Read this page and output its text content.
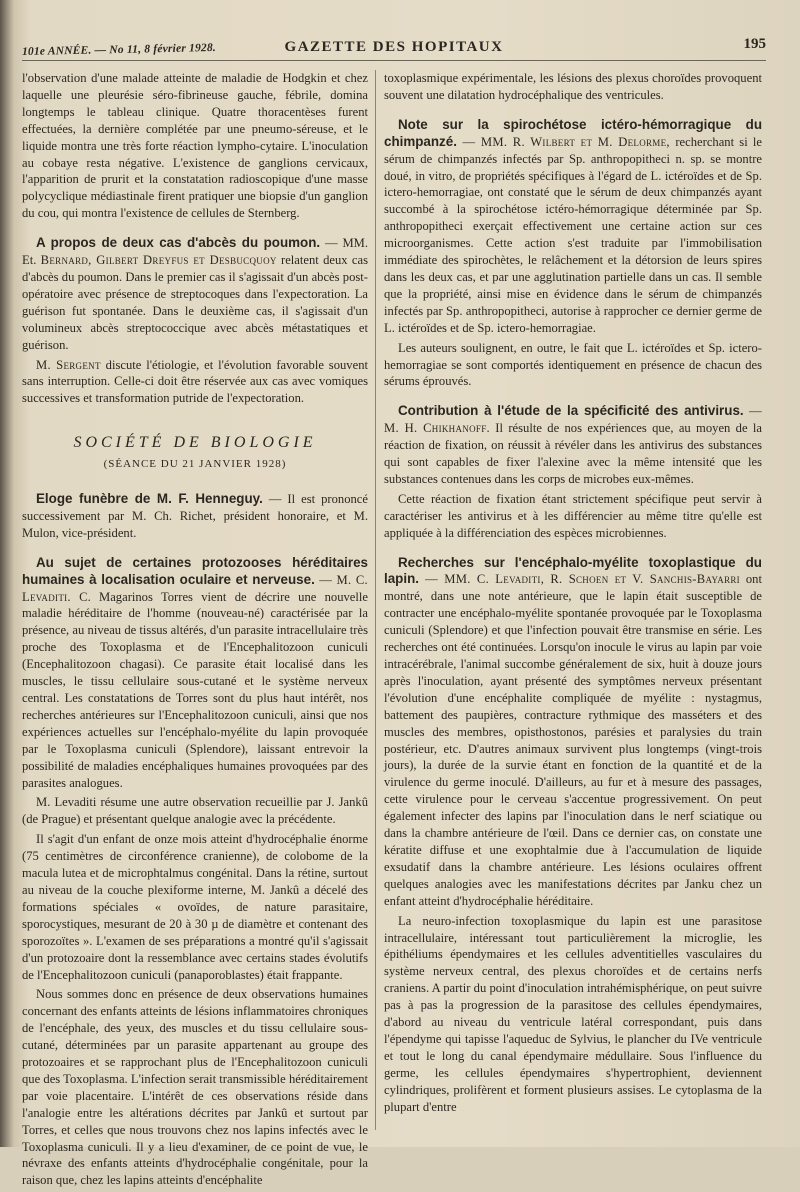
101e ANNÉE. — No 11, 8 février 1928.	GAZETTE DES HOPITAUX	195

l'observation d'une malade atteinte de maladie de Hodgkin et chez laquelle une pleurésie séro-fibrineuse gauche, fébrile, domina longtemps le tableau clinique. Quatre thoracentèses furent effectuées, la dernière complétée par une pneumo-séreuse, et le liquide montra une très forte réaction lympho-cytaire. L'inoculation au cobaye resta négative. L'existence de ganglions cervicaux, l'apparition de prurit et la constatation radioscopique d'une masse polycyclique médiastinale firent pratiquer une biopsie d'un ganglion du cou, qui montra l'existence de cellules de Sternberg.

A propos de deux cas d'abcès du poumon. — MM. Et. Bernard, Gilbert Dreyfus et Desbucquoy relatent deux cas d'abcès du poumon. Dans le premier cas il s'agissait d'un abcès post-opératoire avec présence de streptocoques dans l'expectoration. La guérison fut spontanée. Dans le deuxième cas, il s'agissait d'un volumineux abcès streptococcique avec abcès métastatiques et guérison.

M. Sergent discute l'étiologie, et l'évolution favorable souvent sans interruption. Celle-ci doit être réservée aux cas avec vomiques successives et transformation putride de l'expectoration.

SOCIÉTÉ DE BIOLOGIE
(SÉANCE DU 21 JANVIER 1928)

Eloge funèbre de M. F. Henneguy. — Il est prononcé successivement par M. Ch. Richet, président honoraire, et M. Mulon, vice-président.

Au sujet de certaines protozooses héréditaires humaines à localisation oculaire et nerveuse. — M. C. Levaditi. C. Magarinos Torres vient de décrire une nouvelle maladie héréditaire de l'homme (nouveau-né) caractérisée par la présence, au niveau de tissus altérés, d'un parasite intracellulaire très proche des Toxoplasma et de l'Encephalitozoon cuniculi (Encephalitozoon chagasi). Ce parasite était localisé dans les muscles, le tissu cellulaire sous-cutané et le système nerveux central. Les constatations de Torres sont du plus haut intérêt, nos recherches antérieures sur l'Encephalitozoon cuniculi, ainsi que nos expériences actuelles sur l'encéphalo-myélite du lapin provoquée par le Toxoplasma cuniculi (Splendore), laissant entrevoir la possibilité de maladies encéphaliques humaines provoquées par des parasites analogues.

M. Levaditi résume une autre observation recueillie par J. Jankû (de Prague) et présentant quelque analogie avec la précédente.

Il s'agit d'un enfant de onze mois atteint d'hydrocéphalie énorme (75 centimètres de circonférence cranienne), de colobome de la macula lutea et de microphtalmus congénital. Dans la rétine, surtout au niveau de la couche plexiforme interne, M. Jankû a décelé des formations spéciales « ovoïdes, de nature parasitaire, sporocystiques, mesurant de 20 à 30 µ de diamètre et contenant des sporozoïtes ». L'examen de ses préparations a montré qu'il s'agissait d'un protozoaire dont la ressemblance avec certains stades évolutifs de l'Encephalitozoon cuniculi (panaporoblastes) était frappante.

Nous sommes donc en présence de deux observations humaines concernant des enfants atteints de lésions inflammatoires chroniques de l'encéphale, des yeux, des muscles et du tissu cellulaire sous-cutané, déterminées par un parasite appartenant au groupe des protozoaires et se rapprochant plus de l'Encephalitozoon cuniculi que des Toxoplasma. L'infection serait transmissible héréditairement par voie placentaire. L'intérêt de ces observations réside dans l'analogie entre les altérations décrites par Jankû et surtout par Torres, et celles que nous trouvons chez nos lapins infectés avec le Toxoplasma cuniculi. Il y a lieu d'examiner, de ce point de vue, le névraxe des enfants atteints d'hydrocéphalie congénitale, pour la raison que, chez les lapins atteints d'encéphalite

toxoplasmique expérimentale, les lésions des plexus choroïdes provoquent souvent une dilatation hydrocéphalique des ventricules.

Note sur la spirochétose ictéro-hémorragique du chimpanzé. — MM. R. Wilbert et M. Delorme, recherchant si le sérum de chimpanzés infectés par Sp. anthropopitheci n. sp. se montre doué, in vitro, de propriétés spécifiques à l'égard de L. ictéroïdes et de Sp. ictero-hemorragiae, ont constaté que le sérum de deux chimpanzés ayant succombé à la spirochétose ictéro-hémorragique déterminée par Sp. anthropopitheci exerçait effectivement une certaine action sur ces microorganismes. Cette action s'est traduite par l'immobilisation immédiate des spirochètes, le relâchement et la détorsion de leurs spires dans les deux cas, et par une agglutination partielle dans un cas. Il semble que la propriété, ainsi mise en évidence dans le sérum de chimpanzés infectés par Sp. anthropopitheci, autorise à rapprocher ce dernier germe de L. ictéroïdes et de Sp. ictero-hemorragiae.

Les auteurs soulignent, en outre, le fait que L. ictéroïdes et Sp. ictero-hemorragiae se sont comportés identiquement en présence de chacun des sérums éprouvés.

Contribution à l'étude de la spécificité des antivirus. — M. H. Chikhanoff. Il résulte de nos expériences que, au moyen de la réaction de fixation, on réussit à révéler dans les antivirus des substances qui sont capables de fixer l'alexine avec la même intensité que les substances contenues dans les corps de microbes eux-mêmes.

Cette réaction de fixation étant strictement spécifique peut servir à caractériser les antivirus et à les différencier au même titre qu'elle est appliquée à la différenciation des espèces microbiennes.

Recherches sur l'encéphalo-myélite toxoplastique du lapin. — MM. C. Levaditi, R. Schoen et V. Sanchis-Bayarri ont montré, dans une note antérieure, que le lapin était susceptible de contracter une encéphalo-myélite spontanée provoquée par le Toxoplasma cuniculi (Splendore) et que l'infection pouvait être transmise en série. Les recherches ont été continuées. Lorsqu'on inocule le virus au lapin par voie intracérébrale, l'animal succombe généralement de six, huit à douze jours après l'inoculation, ayant présenté des symptômes nerveux présentant l'évolution d'une encéphalite compliquée de myélite : nystagmus, battement des paupières, contracture rythmique des masséters et des muscles des membres, opisthostonos, parésies et paralysies du train postérieur, etc. D'autres animaux survivent plus longtemps (vingt-trois jours), la durée de la survie étant en fonction de la quantité et de la virulence du germe inoculé. D'ailleurs, au fur et à mesure des passages, cette virulence pour le cerveau s'accentue progressivement. On peut également infecter des lapins par l'inoculation dans le nerf sciatique ou dans la chambre antérieure de l'œil. Dans ce dernier cas, on constate une kératite diffuse et une exophtalmie due à l'accumulation de liquide exsudatif dans la chambre antérieure. Les lésions oculaires offrent quelques analogies avec les manifestations décrites par Janku chez un enfant atteint d'hydrocéphalie héréditaire.

La neuro-infection toxoplasmique du lapin est une parasitose intracellulaire, intéressant tout particulièrement la microglie, les épithéliums épendymaires et les cellules adventitielles vasculaires du système nerveux central, des plexus choroïdes et de certains nerfs craniens. A partir du point d'inoculation intrahémisphérique, on peut suivre pas à pas la progression de la parasitose des cellules épendymaires, d'abord au niveau du ventricule latéral correspondant, puis dans l'épendyme qui tapisse l'aqueduc de Sylvius, le plancher du IVe ventricule et tout le long du canal épendymaire médullaire. Sous l'influence du germe, les cellules épendymaires s'hypertrophient, deviennent cylindriques, prolifèrent et forment plusieurs assises. Le cytoplasma de la plupart d'entre
